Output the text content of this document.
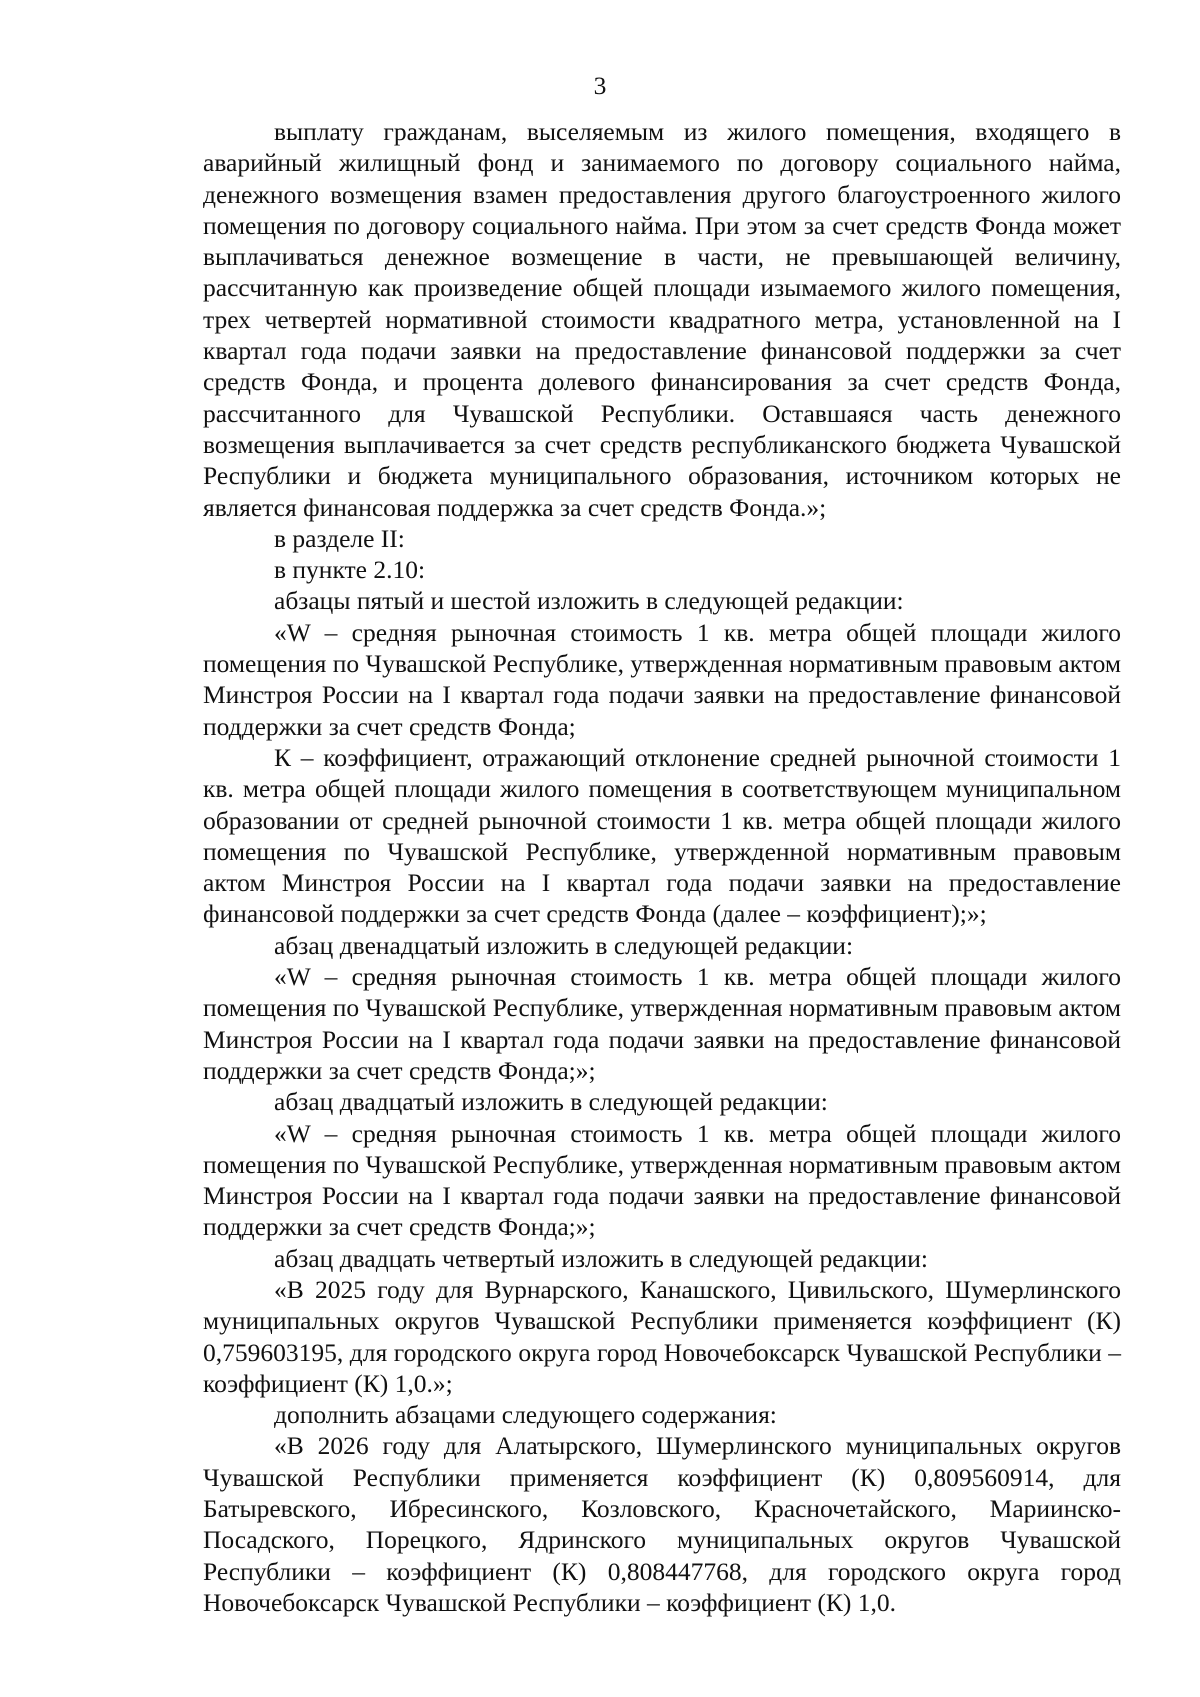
3

выплату гражданам, выселяемым из жилого помещения, входящего в аварийный жилищный фонд и занимаемого по договору социального найма, денежного возмещения взамен предоставления другого благоустроенного жилого помещения по договору социального найма. При этом за счет средств Фонда может выплачиваться денежное возмещение в части, не превышающей величину, рассчитанную как произведение общей площади изымаемого жилого помещения, трех четвертей нормативной стоимости квадратного метра, установленной на I квартал года подачи заявки на предоставление финансовой поддержки за счет средств Фонда, и процента долевого финансирования за счет средств Фонда, рассчитанного для Чувашской Республики. Оставшаяся часть денежного возмещения выплачивается за счет средств республиканского бюджета Чувашской Республики и бюджета муниципального образования, источником которых не является финансовая поддержка за счет средств Фонда.»;

в разделе II:

в пункте 2.10:

абзацы пятый и шестой изложить в следующей редакции:

«W – средняя рыночная стоимость 1 кв. метра общей площади жилого помещения по Чувашской Республике, утвержденная нормативным правовым актом Минстроя России на I квартал года подачи заявки на предоставление финансовой поддержки за счет средств Фонда;

К – коэффициент, отражающий отклонение средней рыночной стоимости 1 кв. метра общей площади жилого помещения в соответствующем муниципальном образовании от средней рыночной стоимости 1 кв. метра общей площади жилого помещения по Чувашской Республике, утвержденной нормативным правовым актом Минстроя России на I квартал года подачи заявки на предоставление финансовой поддержки за счет средств Фонда (далее – коэффициент);»;

абзац двенадцатый изложить в следующей редакции:

«W – средняя рыночная стоимость 1 кв. метра общей площади жилого помещения по Чувашской Республике, утвержденная нормативным правовым актом Минстроя России на I квартал года подачи заявки на предоставление финансовой поддержки за счет средств Фонда;»;

абзац двадцатый изложить в следующей редакции:

«W – средняя рыночная стоимость 1 кв. метра общей площади жилого помещения по Чувашской Республике, утвержденная нормативным правовым актом Минстроя России на I квартал года подачи заявки на предоставление финансовой поддержки за счет средств Фонда;»;

абзац двадцать четвертый изложить в следующей редакции:

«В 2025 году для Вурнарского, Канашского, Цивильского, Шумерлинского муниципальных округов Чувашской Республики применяется коэффициент (К) 0,759603195, для городского округа город Новочебоксарск Чувашской Республики – коэффициент (К) 1,0.»;

дополнить абзацами следующего содержания:

«В 2026 году для Алатырского, Шумерлинского муниципальных округов Чувашской Республики применяется коэффициент (К) 0,809560914, для Батыревского, Ибресинского, Козловского, Красночетайского, Мариинско-Посадского, Порецкого, Ядринского муниципальных округов Чувашской Республики – коэффициент (К) 0,808447768, для городского округа город Новочебоксарск Чувашской Республики – коэффициент (К) 1,0.
